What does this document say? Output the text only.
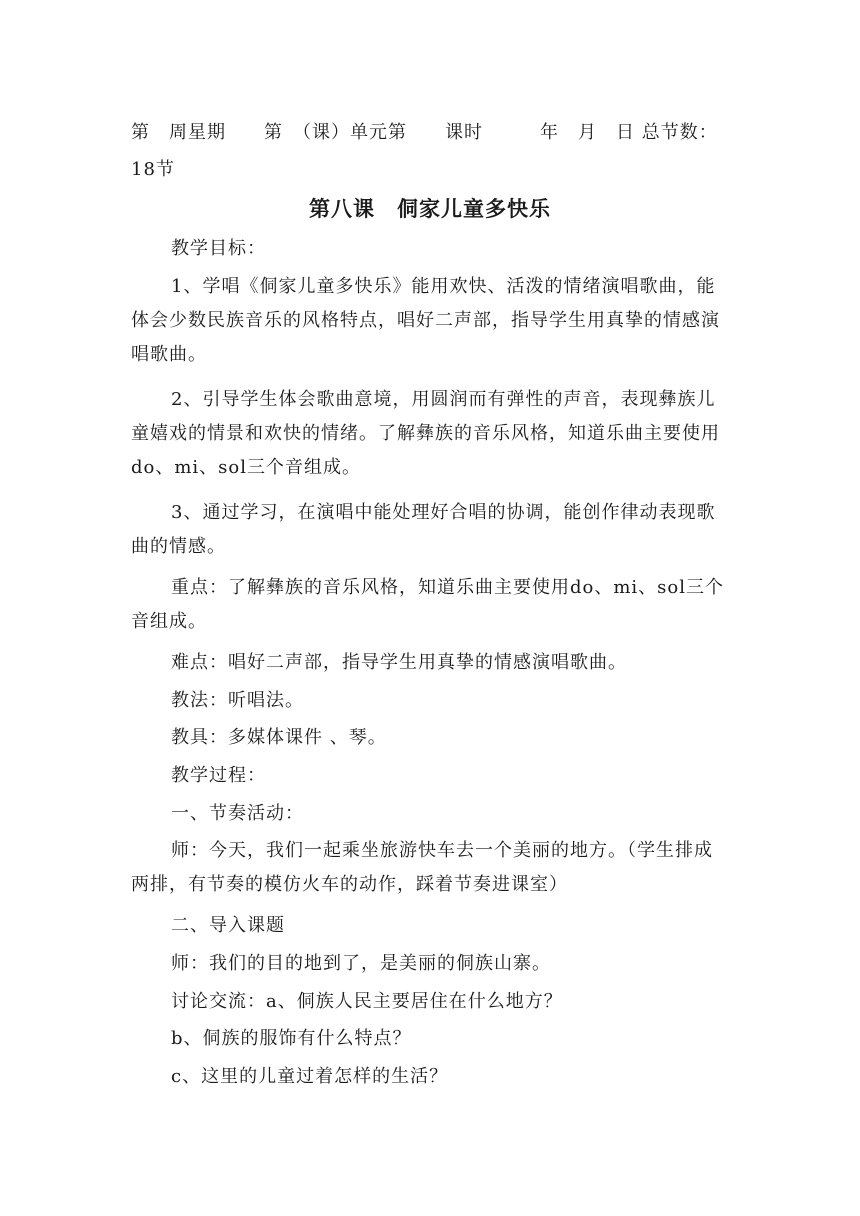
第　周星期　　第　（课）单元第　　课时　　　年　月　日 总节数：
18节
第八课　侗家儿童多快乐
教学目标：
1、学唱《侗家儿童多快乐》能用欢快、活泼的情绪演唱歌曲，能体会少数民族音乐的风格特点，唱好二声部，指导学生用真挚的情感演唱歌曲。
2、引导学生体会歌曲意境，用圆润而有弹性的声音，表现彝族儿童嬉戏的情景和欢快的情绪。了解彝族的音乐风格，知道乐曲主要使用do、mi、sol三个音组成。
3、通过学习，在演唱中能处理好合唱的协调，能创作律动表现歌曲的情感。
重点：了解彝族的音乐风格，知道乐曲主要使用do、mi、sol三个音组成。
难点：唱好二声部，指导学生用真挚的情感演唱歌曲。
教法：听唱法。
教具：多媒体课件 、琴。
教学过程：
一、节奏活动：
师：今天，我们一起乘坐旅游快车去一个美丽的地方。（学生排成两排，有节奏的模仿火车的动作，踩着节奏进课室）
二、导入课题
师：我们的目的地到了，是美丽的侗族山寨。
讨论交流：a、侗族人民主要居住在什么地方？
b、侗族的服饰有什么特点？
c、这里的儿童过着怎样的生活？
